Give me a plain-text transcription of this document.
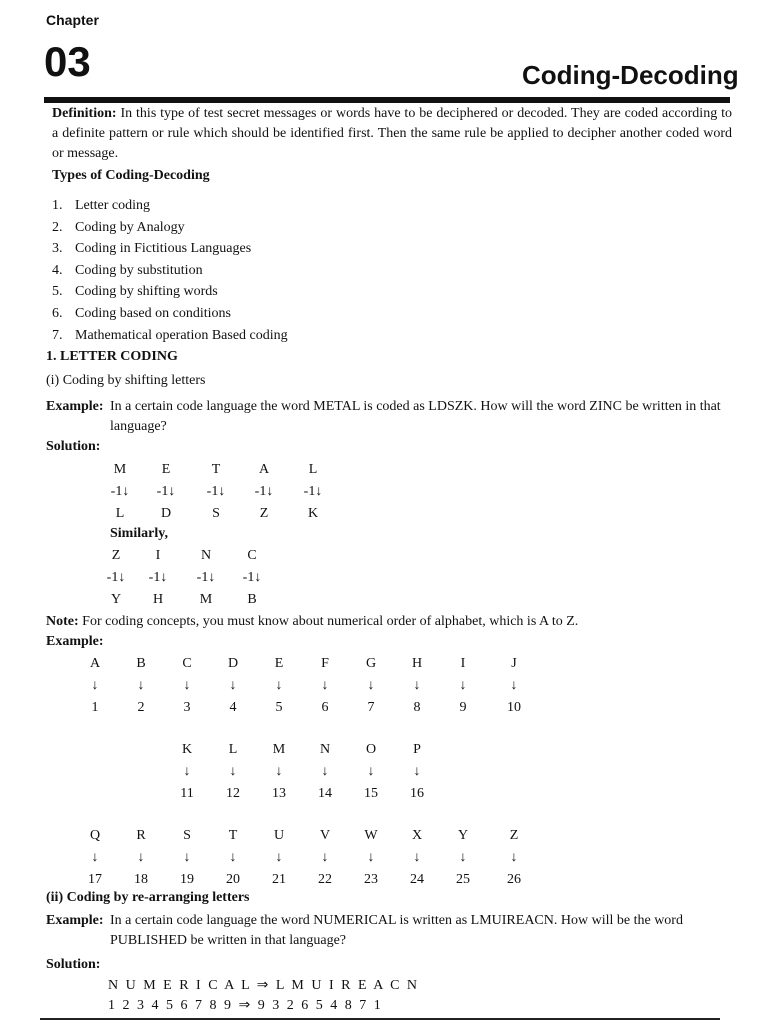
Chapter
03	Coding-Decoding
Definition: In this type of test secret messages or words have to be deciphered or decoded. They are coded according to a definite pattern or rule which should be identified first. Then the same rule be applied to decipher another coded word or message.
Types of Coding-Decoding
1. Letter coding
2. Coding by Analogy
3. Coding in Fictitious Languages
4. Coding by substitution
5. Coding by shifting words
6. Coding based on conditions
7. Mathematical operation Based coding
1. LETTER CODING
(i) Coding by shifting letters
Example: In a certain code language the word METAL is coded as LDSZK. How will the word ZINC be written in that language?
Solution:
M	E	T	A	L
-1↓	-1↓	-1↓	-1↓	-1↓
L	D	S	Z	K
Similarly,
Z	I	N	C
-1↓	-1↓	-1↓	-1↓
Y	H	M	B
Note: For coding concepts, you must know about numerical order of alphabet, which is A to Z.
Example:
A	B	C	D	E	F	G	H	I	J
↓	↓	↓	↓	↓	↓	↓	↓	↓	↓
1	2	3	4	5	6	7	8	9	10
K	L	M	N	O	P
↓	↓	↓	↓	↓	↓
11	12	13	14	15	16
Q	R	S	T	U	V	W	X	Y	Z
↓	↓	↓	↓	↓	↓	↓	↓	↓	↓
17	18	19	20	21	22	23	24	25	26
(ii) Coding by re-arranging letters
Example: In a certain code language the word NUMERICAL is written as LMUIREACN. How will be the word PUBLISHED be written in that language?
Solution:
N U M E R I C A L ⇒ L M U I R E A C N
1 2 3 4 5 6 7 8 9 ⇒ 9 3 2 6 5 4 8 7 1
